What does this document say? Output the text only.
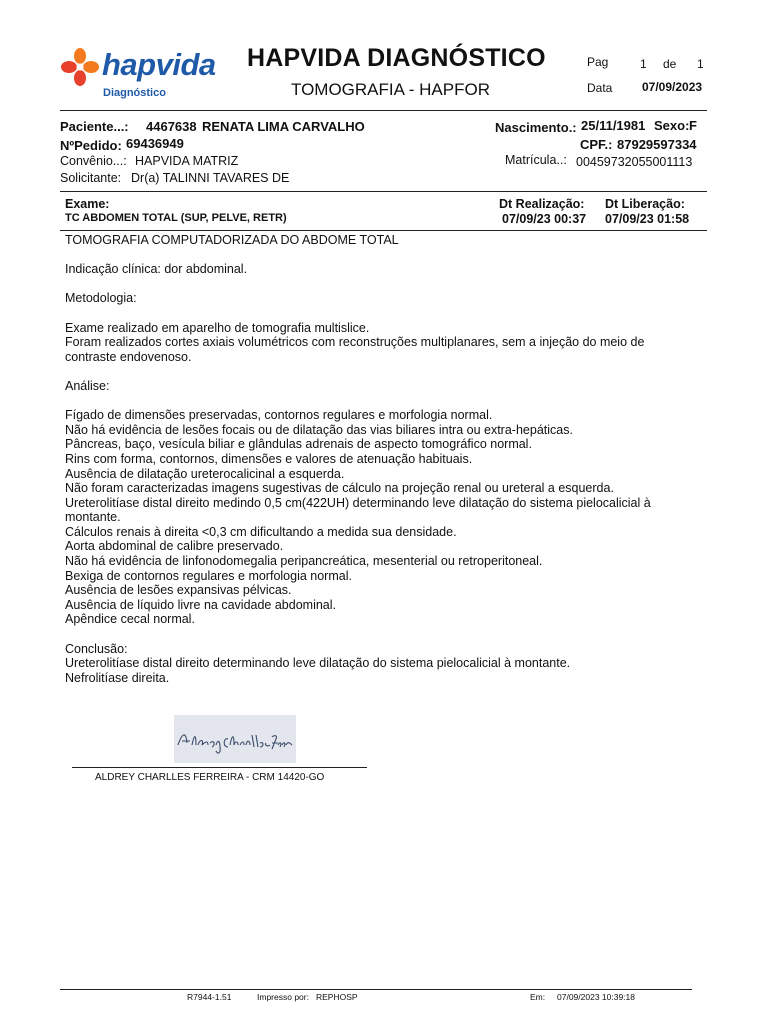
hapvida
Diagnóstico
HAPVIDA DIAGNÓSTICO
TOMOGRAFIA - HAPFOR
Pag	1 de 1
Data 07/09/2023
Paciente...: 4467638 RENATA LIMA CARVALHO	Nascimento.: 25/11/1981 Sexo: F
NºPedido: 69436949	CPF.: 87929597334
Convênio...: HAPVIDA MATRIZ	Matrícula..: 00459732055001113
Solicitante: Dr(a) TALINNI TAVARES DE
Exame:
TC ABDOMEN TOTAL (SUP, PELVE, RETR)
Dt Realização:
07/09/23 00:37
Dt Liberação:
07/09/23 01:58

TOMOGRAFIA COMPUTADORIZADA DO ABDOME TOTAL

Indicação clínica: dor abdominal.

Metodologia:

Exame realizado em aparelho de tomografia multislice.
Foram realizados cortes axiais volumétricos com reconstruções multiplanares, sem a injeção do meio de
contraste endovenoso.

Análise:

Fígado de dimensões preservadas, contornos regulares e morfologia normal.
Não há evidência de lesões focais ou de dilatação das vias biliares intra ou extra-hepáticas.
Pâncreas, baço, vesícula biliar e glândulas adrenais de aspecto tomográfico normal.
Rins com forma, contornos, dimensões e valores de atenuação habituais.
Ausência de dilatação ureterocalicinal a esquerda.
Não foram caracterizadas imagens sugestivas de cálculo na projeção renal ou ureteral a esquerda.
Ureterolitíase distal direito medindo 0,5 cm(422UH) determinando leve dilatação do sistema pielocalicial à
montante.
Cálculos renais à direita <0,3 cm dificultando a medida sua densidade.
Aorta abdominal de calibre preservado.
Não há evidência de linfonodomegalia peripancreática, mesenterial ou retroperitoneal.
Bexiga de contornos regulares e morfologia normal.
Ausência de lesões expansivas pélvicas.
Ausência de líquido livre na cavidade abdominal.
Apêndice cecal normal.

Conclusão:

Ureterolitíase distal direito determinando leve dilatação do sistema pielocalicial à montante.
Nefrolitíase direita.

ALDREY CHARLLES FERREIRA - CRM 14420-GO
R7944-1.51	Impresso por: REPHOSP	Em: 07/09/2023 10:39:18
